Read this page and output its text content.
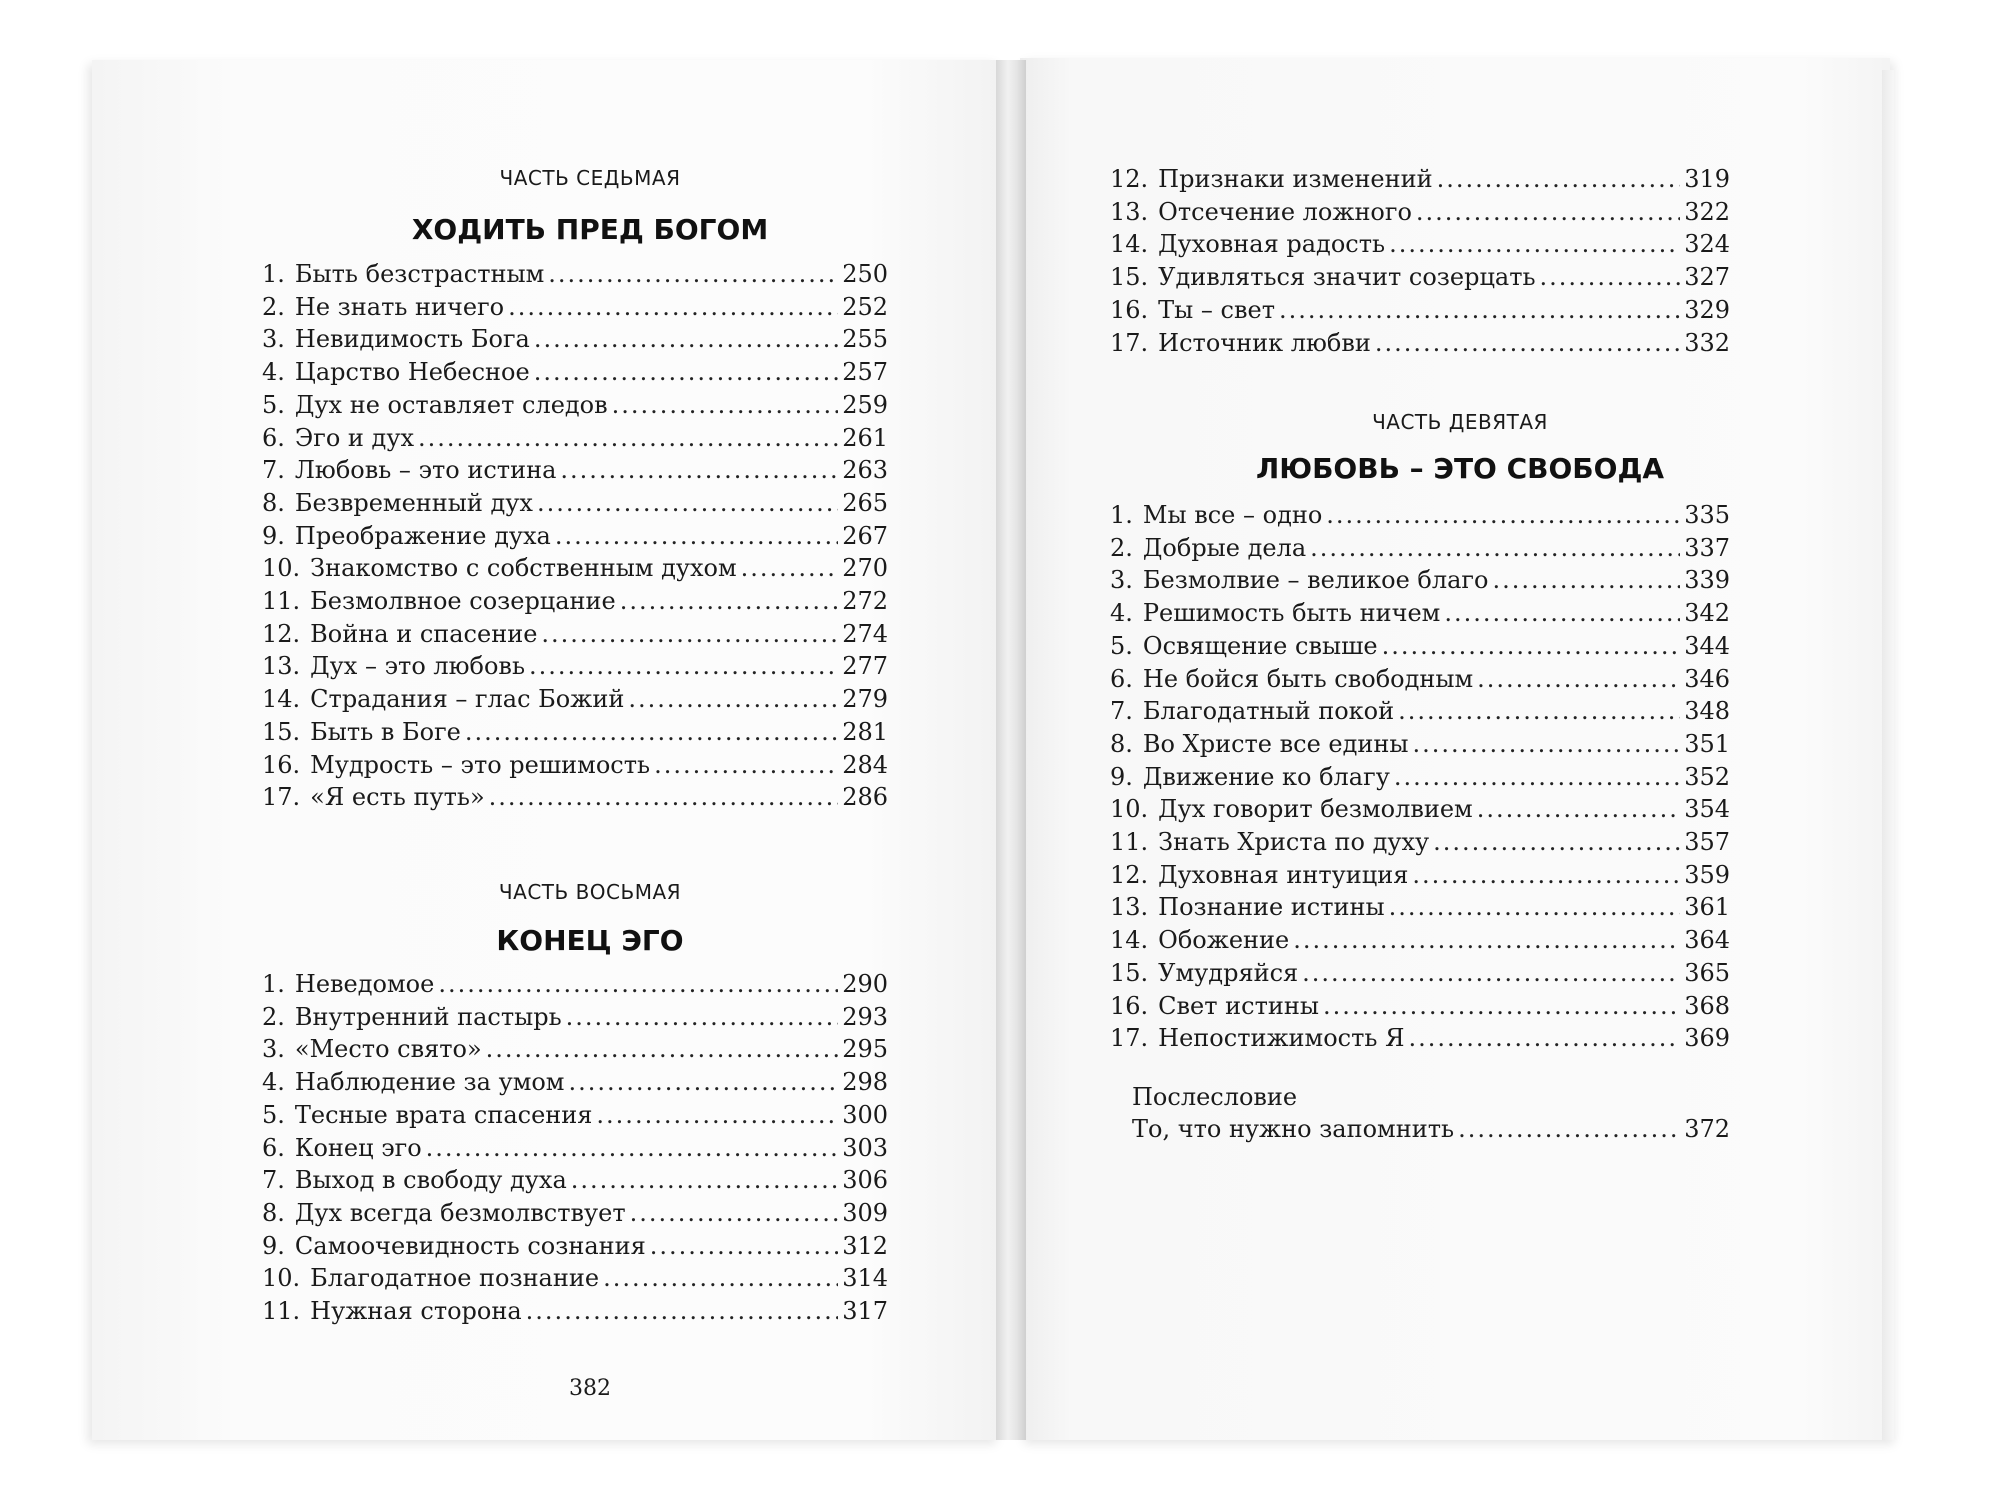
ЧАСТЬ СЕДЬМАЯ
ХОДИТЬ ПРЕД БОГОМ
1. Быть безстрастным .....	250
2. Не знать ничего .....	252
3. Невидимость Бога .....	255
4. Царство Небесное .....	257
5. Дух не оставляет следов .....	259
6. Эго и дух .....	261
7. Любовь – это истина .....	263
8. Безвременный дух .....	265
9. Преображение духа .....	267
10. Знакомство с собственным духом .....	270
11. Безмолвное созерцание .....	272
12. Война и спасение .....	274
13. Дух – это любовь .....	277
14. Страдания – глас Божий .....	279
15. Быть в Боге .....	281
16. Мудрость – это решимость .....	284
17. «Я есть путь» .....	286
ЧАСТЬ ВОСЬМАЯ
КОНЕЦ ЭГО
1. Неведомое .....	290
2. Внутренний пастырь .....	293
3. «Место свято» .....	295
4. Наблюдение за умом .....	298
5. Тесные врата спасения .....	300
6. Конец эго .....	303
7. Выход в свободу духа .....	306
8. Дух всегда безмолвствует .....	309
9. Самоочевидность сознания .....	312
10. Благодатное познание .....	314
11. Нужная сторона .....	317
382
12. Признаки изменений .....	319
13. Отсечение ложного .....	322
14. Духовная радость .....	324
15. Удивляться значит созерцать .....	327
16. Ты – свет .....	329
17. Источник любви .....	332
ЧАСТЬ ДЕВЯТАЯ
ЛЮБОВЬ – ЭТО СВОБОДА
1. Мы все – одно .....	335
2. Добрые дела .....	337
3. Безмолвие – великое благо .....	339
4. Решимость быть ничем .....	342
5. Освящение свыше .....	344
6. Не бойся быть свободным .....	346
7. Благодатный покой .....	348
8. Во Христе все едины .....	351
9. Движение ко благу .....	352
10. Дух говорит безмолвием .....	354
11. Знать Христа по духу .....	357
12. Духовная интуиция .....	359
13. Познание истины .....	361
14. Обожение .....	364
15. Умудряйся .....	365
16. Свет истины .....	368
17. Непостижимость Я .....	369
Послесловие
То, что нужно запомнить .....	372
